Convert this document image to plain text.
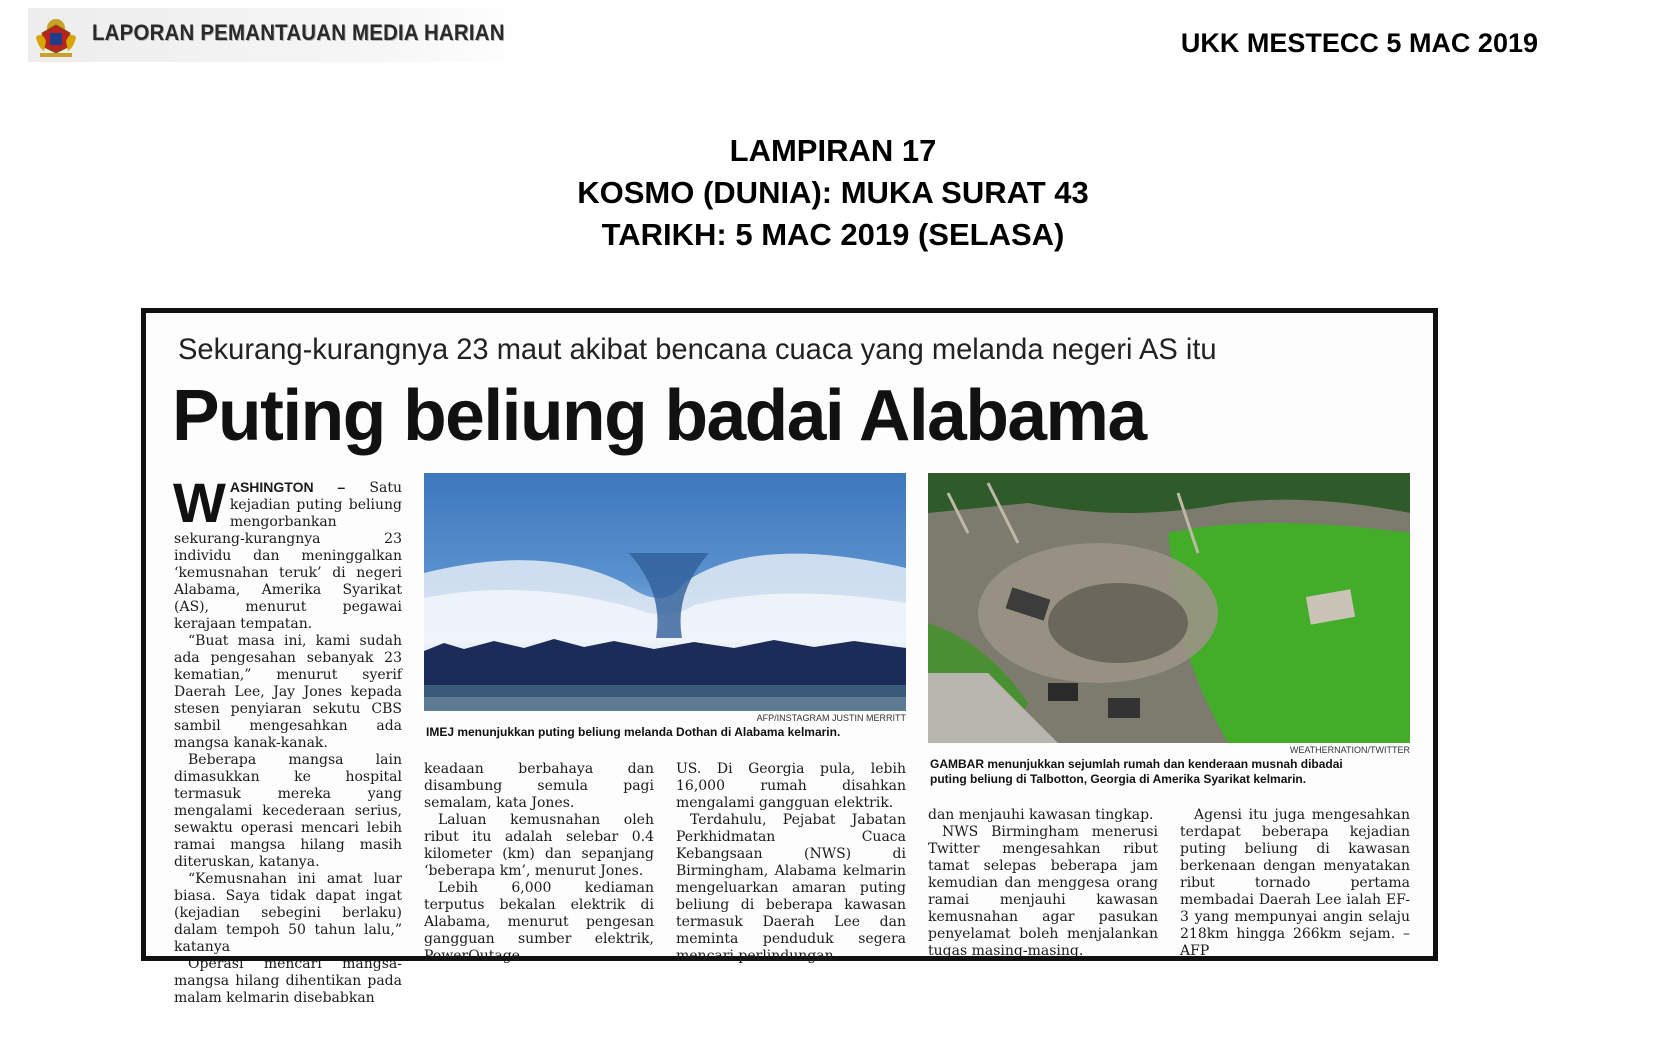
LAPORAN PEMANTAUAN MEDIA HARIAN	UKK MESTECC 5 MAC 2019
LAMPIRAN 17
KOSMO (DUNIA): MUKA SURAT 43
TARIKH: 5 MAC 2019 (SELASA)
Sekurang-kurangnya 23 maut akibat bencana cuaca yang melanda negeri AS itu
Puting beliung badai Alabama

WASHINGTON – Satu kejadian puting beliung mengorbankan sekurang-kurangnya 23 individu dan meninggalkan ‘kemusnahan teruk’ di negeri Alabama, Amerika Syarikat (AS), menurut pegawai kerajaan tempatan.

“Buat masa ini, kami sudah ada pengesahan sebanyak 23 kematian,” menurut syerif Daerah Lee, Jay Jones kepada stesen penyiaran sekutu CBS sambil mengesahkan ada mangsa kanak-kanak.

Beberapa mangsa lain dimasukkan ke hospital termasuk mereka yang mengalami kecederaan serius, sewaktu operasi mencari lebih ramai mangsa hilang masih diteruskan, katanya.

“Kemusnahan ini amat luar biasa. Saya tidak dapat ingat (kejadian sebegini berlaku) dalam tempoh 50 tahun lalu,” katanya

Operasi mencari mangsa-mangsa hilang dihentikan pada malam kelmarin disebabkan

AFP/INSTAGRAM JUSTIN MERRITT
IMEJ menunjukkan puting beliung melanda Dothan di Alabama kelmarin.

keadaan berbahaya dan disambung semula pagi semalam, kata Jones.

Laluan kemusnahan oleh ribut itu adalah selebar 0.4 kilometer (km) dan sepanjang ‘beberapa km’, menurut Jones.

Lebih 6,000 kediaman terputus bekalan elektrik di Alabama, menurut pengesan gangguan sumber elektrik, PowerOutage.

US. Di Georgia pula, lebih 16,000 rumah disahkan mengalami gangguan elektrik.

Terdahulu, Pejabat Jabatan Perkhidmatan Cuaca Kebangsaan (NWS) di Birmingham, Alabama kelmarin mengeluarkan amaran puting beliung di beberapa kawasan termasuk Daerah Lee dan meminta penduduk segera mencari perlindungan

WEATHERNATION/TWITTER
GAMBAR menunjukkan sejumlah rumah dan kenderaan musnah dibadai puting beliung di Talbotton, Georgia di Amerika Syarikat kelmarin.

dan menjauhi kawasan tingkap.

NWS Birmingham menerusi Twitter mengesahkan ribut tamat selepas beberapa jam kemudian dan menggesa orang ramai menjauhi kawasan kemusnahan agar pasukan penyelamat boleh menjalankan tugas masing-masing.

Agensi itu juga mengesahkan terdapat beberapa kejadian puting beliung di kawasan berkenaan dengan menyatakan ribut tornado pertama membadai Daerah Lee ialah EF-3 yang mempunyai angin selaju 218km hingga 266km sejam. – AFP
